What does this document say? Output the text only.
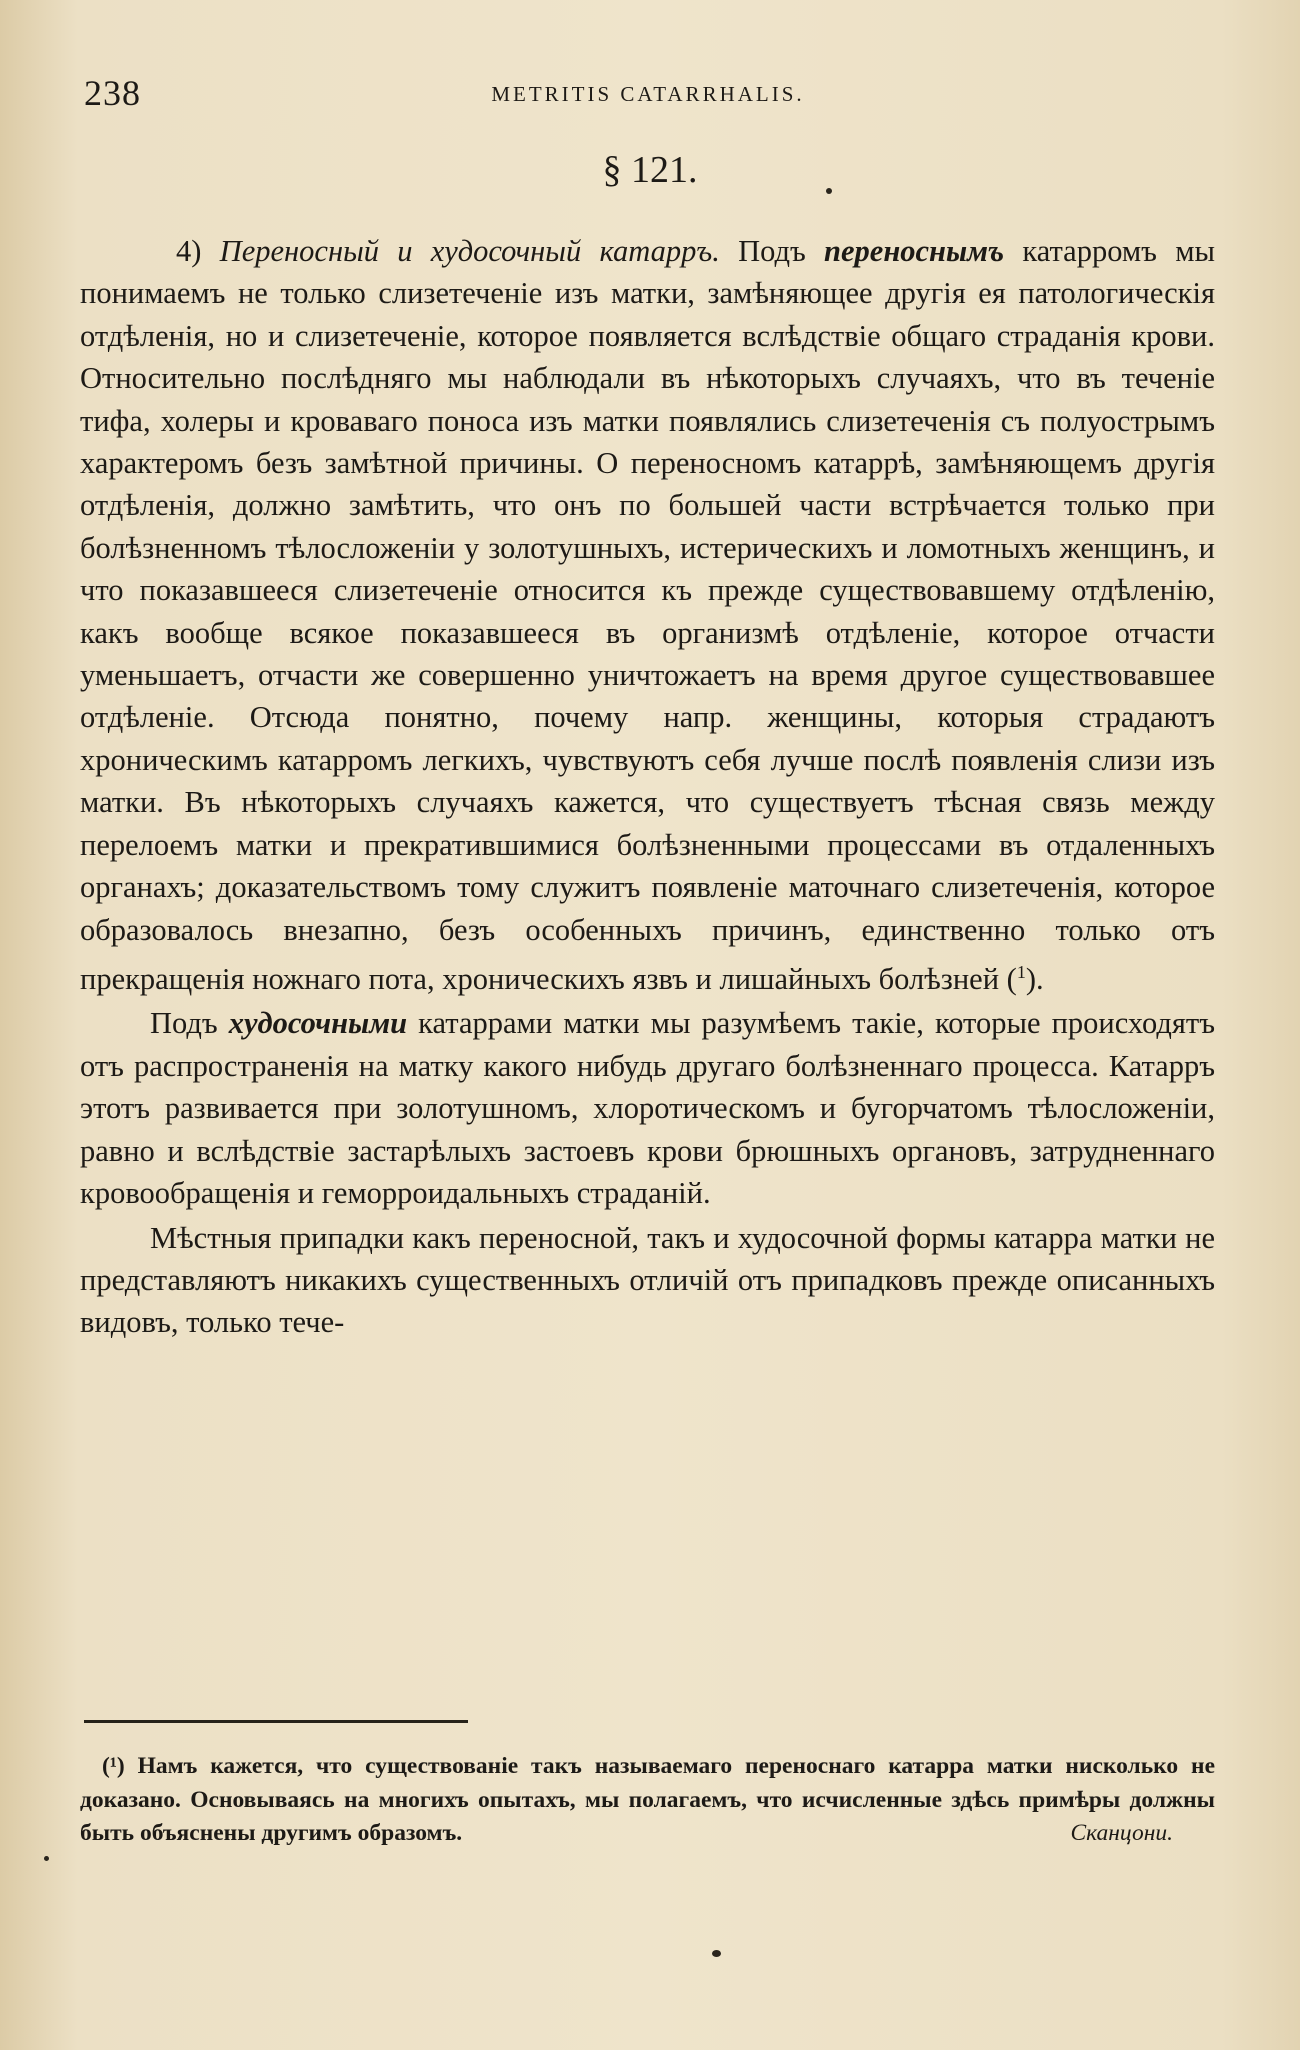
238	METRITIS CATARRHALIS.
§ 121.

4) Переносный и худосочный катарръ. Подъ переноснымъ катарромъ мы понимаемъ не только слизетеченіе изъ матки, замѣняющее другія ея патологическія отдѣленія, но и слизетеченіе, которое появляется вслѣдствіе общаго страданія крови. Относительно послѣдняго мы наблюдали въ нѣкоторыхъ случаяхъ, что въ теченіе тифа, холеры и кроваваго поноса изъ матки появлялись слизетеченія съ полуострымъ характеромъ безъ замѣтной причины. О переносномъ катаррѣ, замѣняющемъ другія отдѣленія, должно замѣтить, что онъ по большей части встрѣчается только при болѣзненномъ тѣлосложеніи у золотушныхъ, истерическихъ и ломотныхъ женщинъ, и что показавшееся слизетеченіе относится къ прежде существовавшему отдѣленію, какъ вообще всякое показавшееся въ организмѣ отдѣленіе, которое отчасти уменьшаетъ, отчасти же совершенно уничтожаетъ на время другое существовавшее отдѣленіе. Отсюда понятно, почему напр. женщины, которыя страдаютъ хроническимъ катарромъ легкихъ, чувствуютъ себя лучше послѣ появленія слизи изъ матки. Въ нѣкоторыхъ случаяхъ кажется, что существуетъ тѣсная связь между перелоемъ матки и прекратившимися болѣзненными процессами въ отдаленныхъ органахъ; доказательствомъ тому служитъ появленіе маточнаго слизетеченія, которое образовалось внезапно, безъ особенныхъ причинъ, единственно только отъ прекращенія ножнаго пота, хроническихъ язвъ и лишайныхъ болѣзней ($^1$).

Подъ худосочными катаррами матки мы разумѣемъ такіе, которые происходятъ отъ распространенія на матку какого нибудь другаго болѣзненнаго процесса. Катарръ этотъ развивается при золотушномъ, хлоротическомъ и бугорчатомъ тѣлосложеніи, равно и вслѣдствіе застарѣлыхъ застоевъ крови брюшныхъ органовъ, затрудненнаго кровообращенія и геморроидальныхъ страданій.

Мѣстныя припадки какъ переносной, такъ и худосочной формы катарра матки не представляютъ никакихъ существенныхъ отличій отъ припадковъ прежде описанныхъ видовъ, только тече-

(¹) Намъ кажется, что существованіе такъ называемаго переноснаго катарра матки нисколько не доказано. Основываясь на многихъ опытахъ, мы полагаемъ, что исчисленные здѣсь примѣры должны быть объяснены другимъ образомъ.	Сканцони.
